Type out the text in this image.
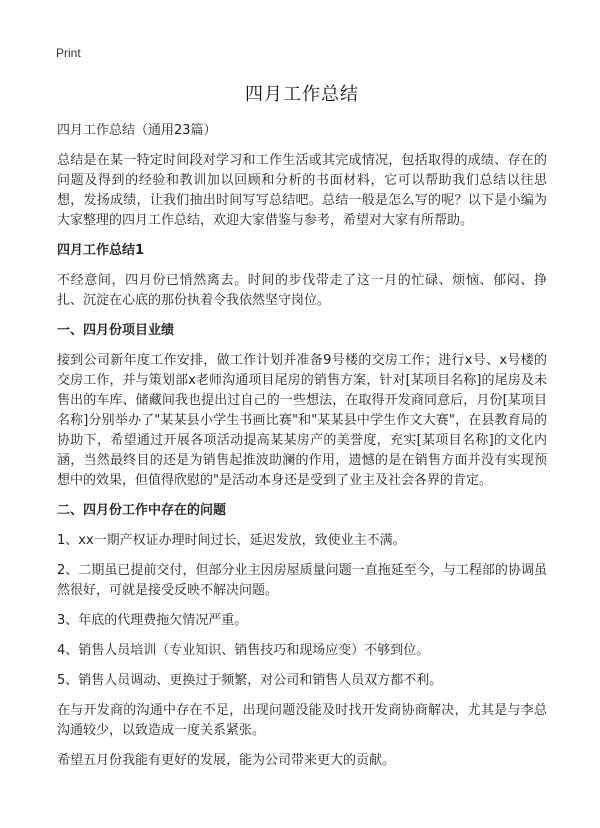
Print
四月工作总结

四月工作总结（通用23篇）

总结是在某一特定时间段对学习和工作生活或其完成情况，包括取得的成绩、存在的问题及得到的经验和教训加以回顾和分析的书面材料，它可以帮助我们总结以往思想，发扬成绩，让我们抽出时间写写总结吧。总结一般是怎么写的呢？以下是小编为大家整理的四月工作总结，欢迎大家借鉴与参考，希望对大家有所帮助。

四月工作总结1

不经意间，四月份已悄然离去。时间的步伐带走了这一月的忙碌、烦恼、郁闷、挣扎、沉淀在心底的那份执着令我依然坚守岗位。

一、四月份项目业绩

接到公司新年度工作安排，做工作计划并准备9号楼的交房工作；进行x号、x号楼的交房工作，并与策划部x老师沟通项目尾房的销售方案，针对[某项目名称]的尾房及未售出的车库、储藏间我也提出过自己的一些想法，在取得开发商同意后，月份[某项目名称]分别举办了"某某县小学生书画比赛"和"某某县中学生作文大赛"，在县教育局的协助下，希望通过开展各项活动提高某某房产的美誉度，充实[某项目名称]的文化内涵，当然最终目的还是为销售起推波助澜的作用，遗憾的是在销售方面并没有实现预想中的效果，但值得欣慰的"是活动本身还是受到了业主及社会各界的肯定。

二、四月份工作中存在的问题

1、xx一期产权证办理时间过长，延迟发放，致使业主不满。

2、二期虽已提前交付，但部分业主因房屋质量问题一直拖延至今，与工程部的协调虽然很好，可就是接受反映不解决问题。

3、年底的代理费拖欠情况严重。

4、销售人员培训（专业知识、销售技巧和现场应变）不够到位。

5、销售人员调动、更换过于频繁，对公司和销售人员双方都不利。

在与开发商的沟通中存在不足，出现问题没能及时找开发商协商解决，尤其是与李总沟通较少，以致造成一度关系紧张。

希望五月份我能有更好的发展，能为公司带来更大的贡献。
